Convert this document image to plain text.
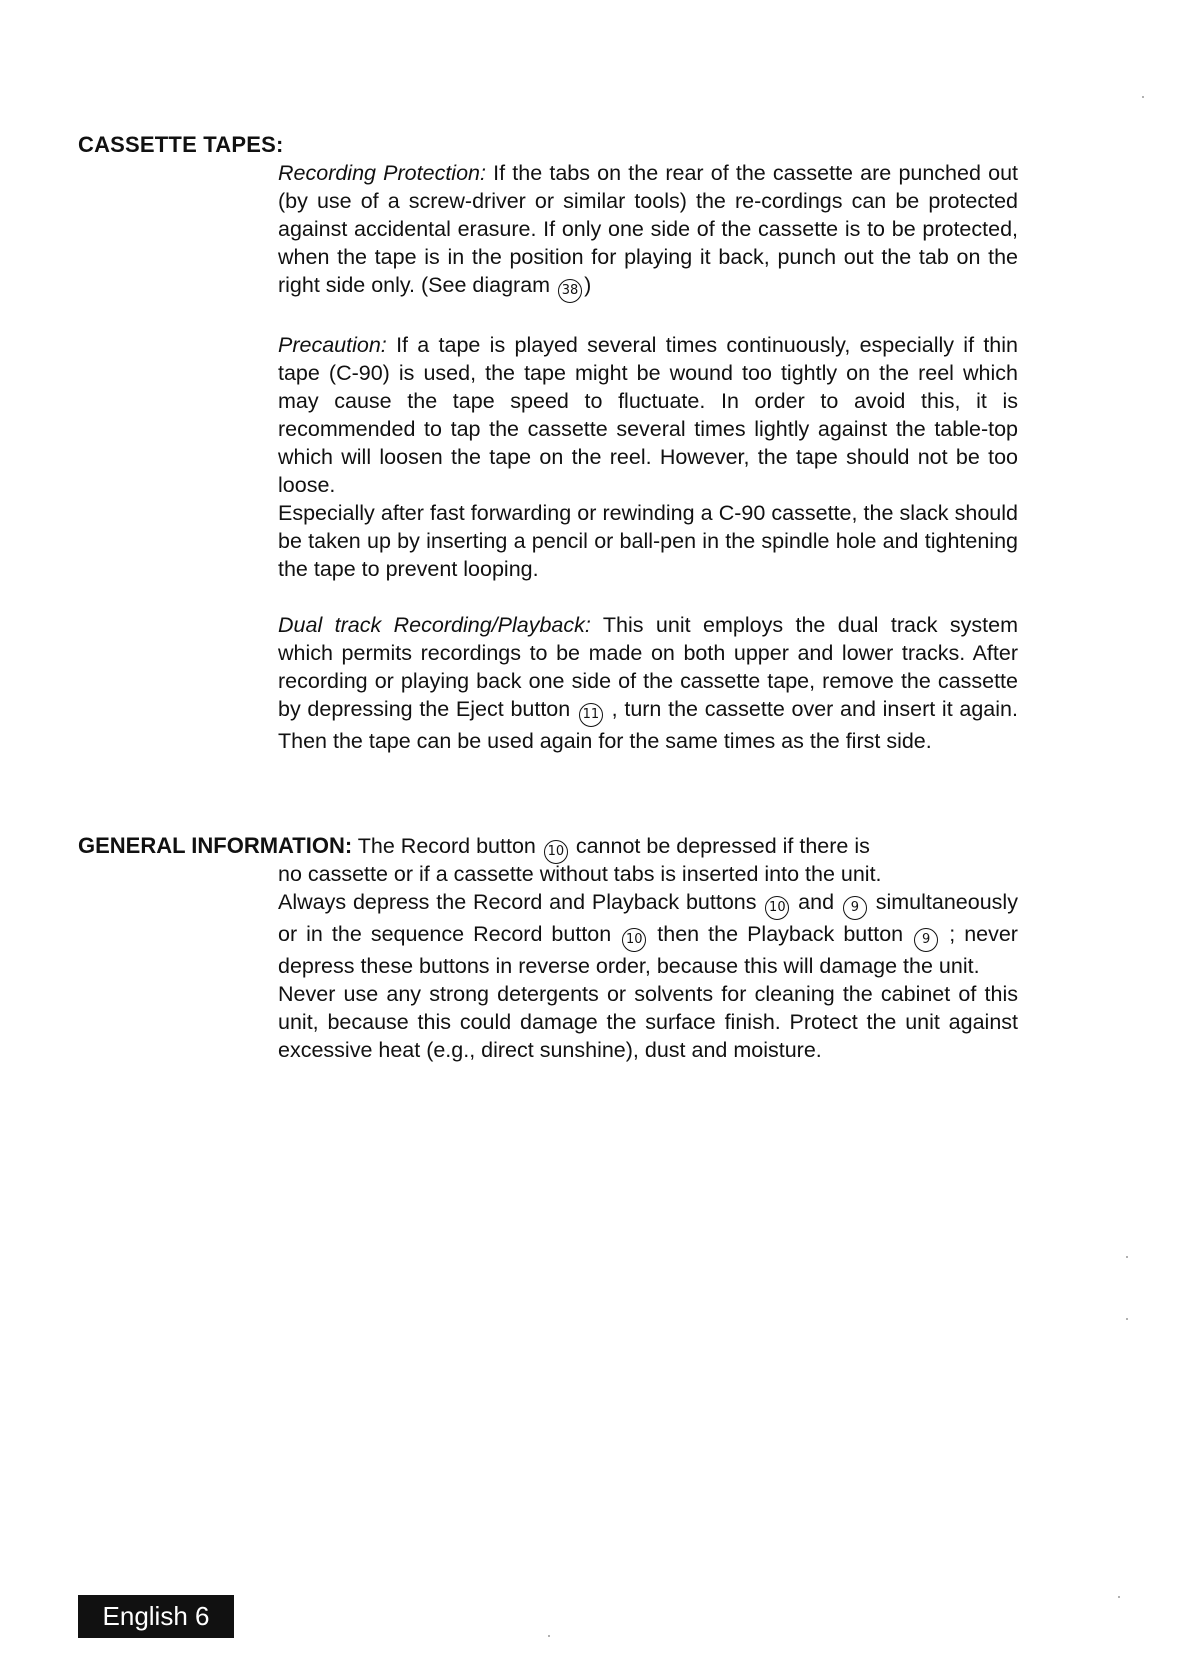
CASSETTE TAPES:

Recording Protection: If the tabs on the rear of the cassette are punched out (by use of a screw-driver or similar tools) the re-cordings can be protected against accidental erasure. If only one side of the cassette is to be protected, when the tape is in the position for playing it back, punch out the tab on the right side only. (See diagram 38 )

Precaution: If a tape is played several times continuously, especially if thin tape (C-90) is used, the tape might be wound too tightly on the reel which may cause the tape speed to fluctuate. In order to avoid this, it is recommended to tap the cassette several times lightly against the table-top which will loosen the tape on the reel. However, the tape should not be too loose.

Especially after fast forwarding or rewinding a C-90 cassette, the slack should be taken up by inserting a pencil or ball-pen in the spindle hole and tightening the tape to prevent looping.

Dual track Recording/Playback: This unit employs the dual track system which permits recordings to be made on both upper and lower tracks. After recording or playing back one side of the cassette tape, remove the cassette by depressing the Eject button 11 , turn the cassette over and insert it again. Then the tape can be used again for the same times as the first side.

GENERAL INFORMATION: The Record button 10 cannot be depressed if there is

no cassette or if a cassette without tabs is inserted into the unit.

Always depress the Record and Playback buttons 10 and 9 simultaneously or in the sequence Record button 10 then the Playback button 9 ; never depress these buttons in reverse order, because this will damage the unit.

Never use any strong detergents or solvents for cleaning the cabinet of this unit, because this could damage the surface finish. Protect the unit against excessive heat (e.g., direct sunshine), dust and moisture.

English 6
